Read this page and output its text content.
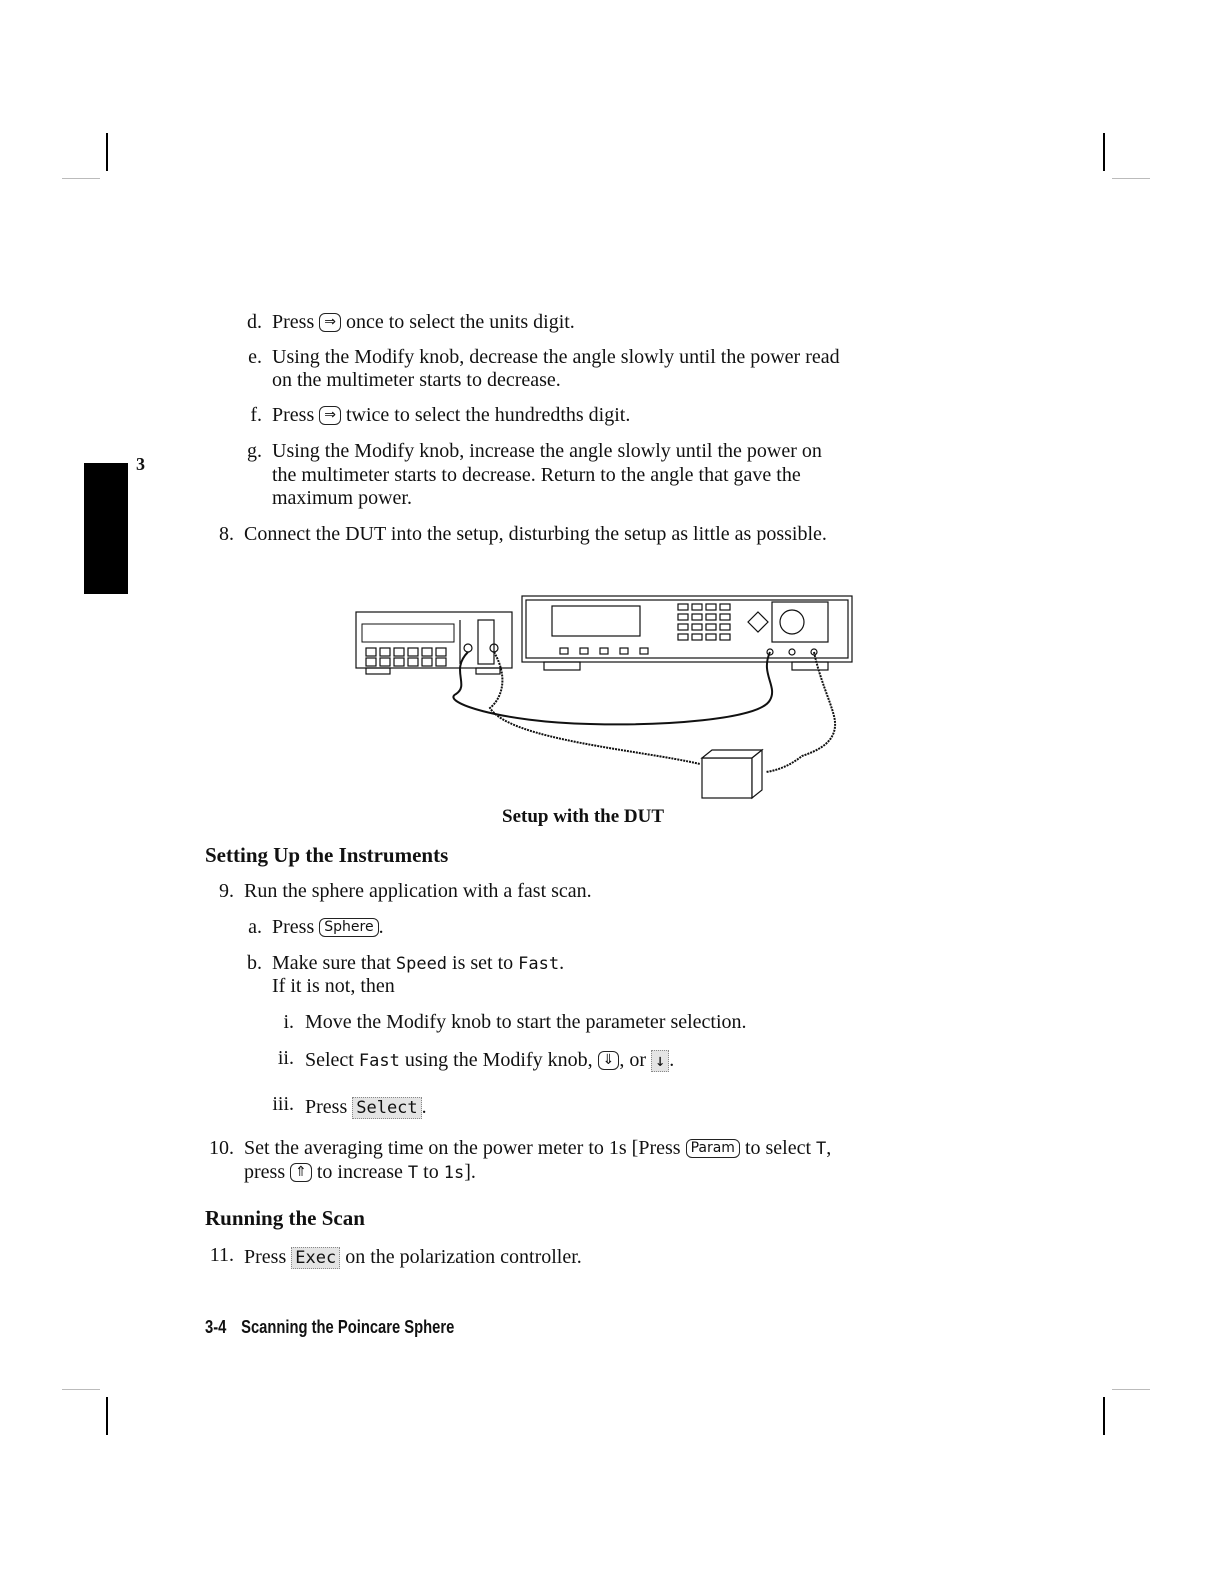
3
d. Press ⇒ once to select the units digit.
e. Using the Modify knob, decrease the angle slowly until the power read
on the multimeter starts to decrease.
f. Press ⇒ twice to select the hundredths digit.
g. Using the Modify knob, increase the angle slowly until the power on
the multimeter starts to decrease. Return to the angle that gave the
maximum power.
8. Connect the DUT into the setup, disturbing the setup as little as possible.
Setup with the DUT
Setting Up the Instruments
9. Run the sphere application with a fast scan.
a. Press Sphere .
b. Make sure that Speed is set to Fast.
If it is not, then
i. Move the Modify knob to start the parameter selection.
ii. Select Fast using the Modify knob, ⇓ , or ↓ .
iii. Press Select .
10. Set the averaging time on the power meter to 1s [Press Param to select T,
press ⇑ to increase T to 1s].
Running the Scan
11. Press Exec on the polarization controller.
3-4 Scanning the Poincare Sphere
